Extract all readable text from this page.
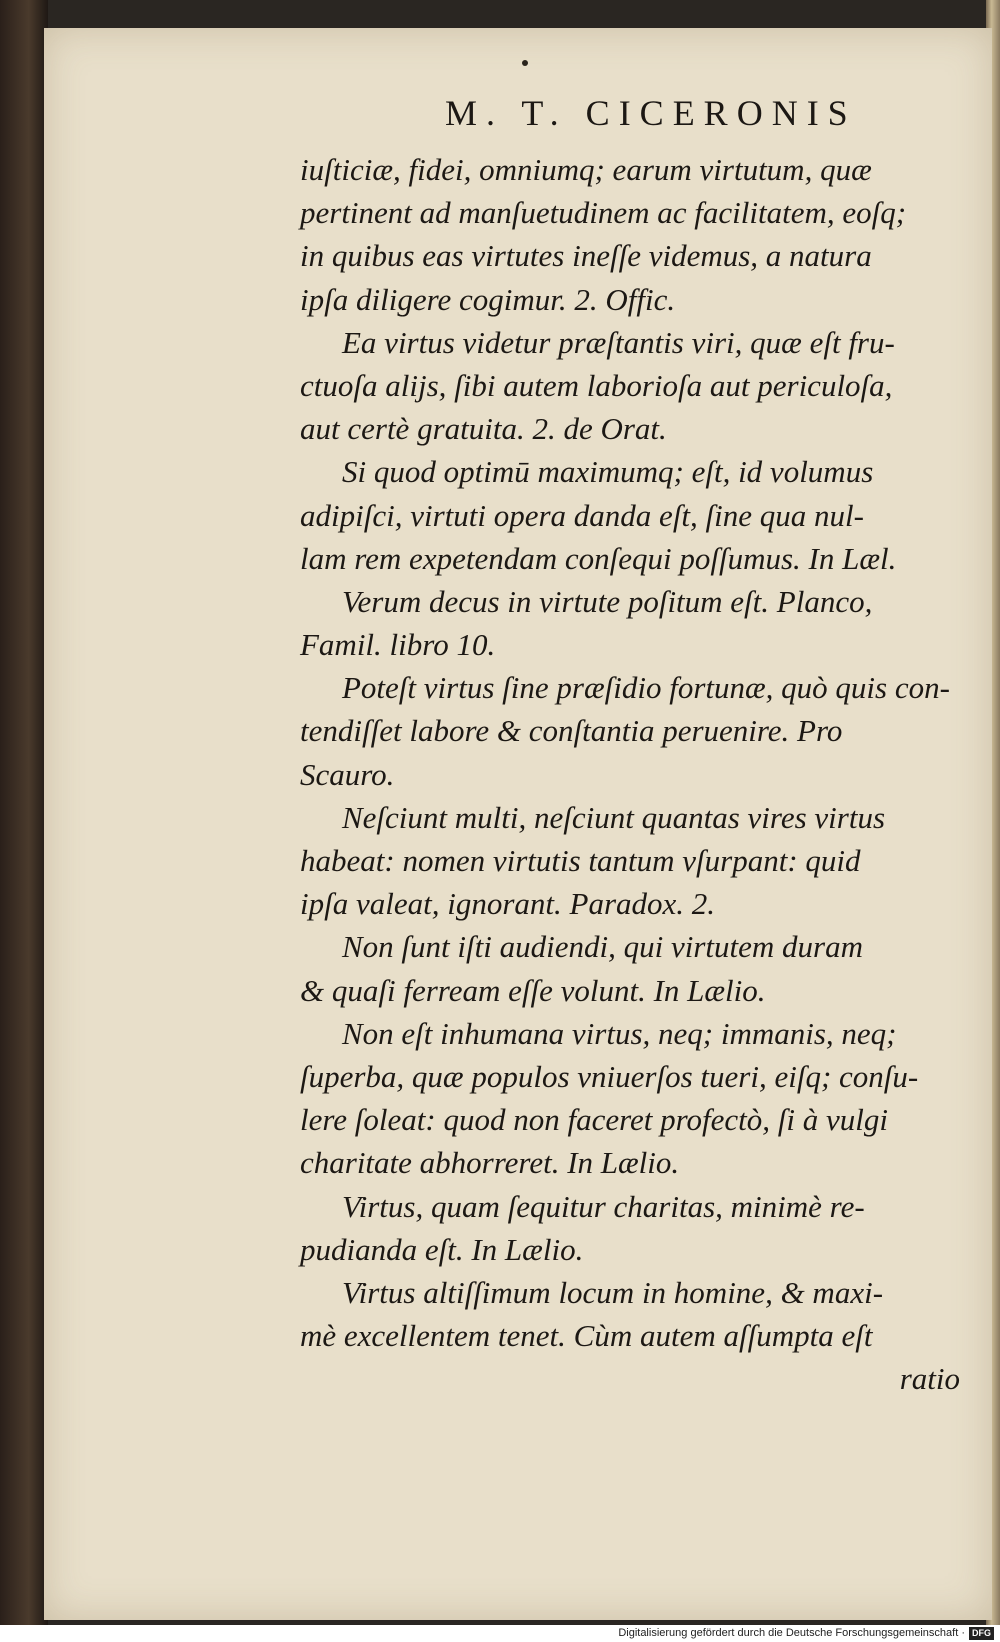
M. T. CICERONIS
iuſticiæ, fidei, omniumq; earum virtutum, quæ
pertinent ad manſuetudinem ac facilitatem, eoſq;
in quibus eas virtutes ineſſe videmus, a natura
ipſa diligere cogimur. 2. Offic.
Ea virtus videtur præſtantis viri, quæ eſt fru-
ctuoſa alijs, ſibi autem laborioſa aut periculoſa,
aut certè gratuita. 2. de Orat.
Si quod optimū maximumq; eſt, id volumus
adipiſci, virtuti opera danda eſt, ſine qua nul-
lam rem expetendam conſequi poſſumus. In Læl.
Verum decus in virtute poſitum eſt. Planco,
Famil. libro 10.
Poteſt virtus ſine præſidio fortunæ, quò quis con-
tendiſſet labore & conſtantia peruenire. Pro
Scauro.
Neſciunt multi, neſciunt quantas vires virtus
habeat: nomen virtutis tantum vſurpant: quid
ipſa valeat, ignorant. Paradox. 2.
Non ſunt iſti audiendi, qui virtutem duram
& quaſi ferream eſſe volunt. In Lælio.
Non eſt inhumana virtus, neq; immanis, neq;
ſuperba, quæ populos vniuerſos tueri, eiſq; conſu-
lere ſoleat: quod non faceret profectò, ſi à vulgi
charitate abhorreret. In Lælio.
Virtus, quam ſequitur charitas, minimè re-
pudianda eſt. In Lælio.
Virtus altiſſimum locum in homine, & maxi-
mè excellentem tenet. Cùm autem aſſumpta eſt
ratio
Digitalisierung gefördert durch die Deutsche Forschungsgemeinschaft · DFG
